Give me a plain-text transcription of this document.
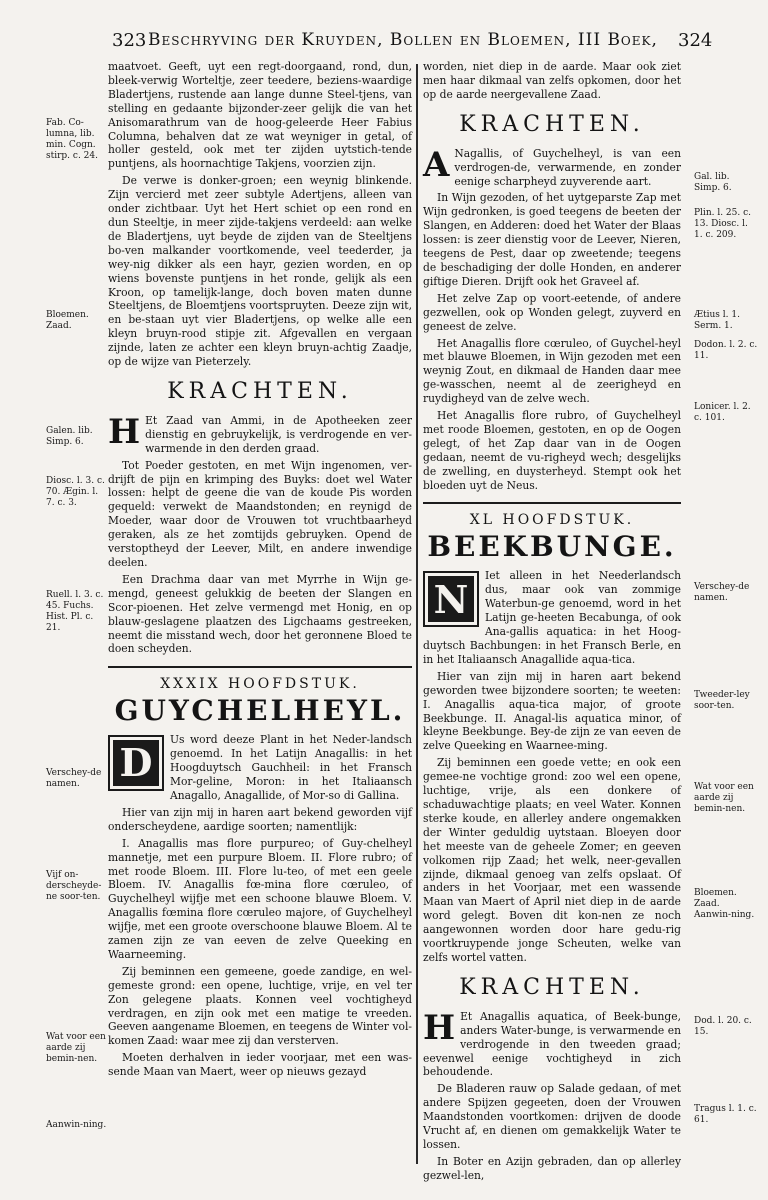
323 Beschryving der Kruyden, Bollen en Bloemen, III Boek, 324

maatvoet. Geeft, uyt een regt-doorgaand, rond, dun, bleek-verwig Worteltje, zeer teedere, beziens-waardige Bladertjens, rustende aan lange dunne Steel-tjens, van stelling en gedaante bijzonder-zeer gelijk die van het Anisomarathrum van de hoog-geleerde Heer Fabius Columna, behalven dat ze wat weyniger in getal, of holler gesteld, ook met ter zijden uytstich-tende puntjens, als hoornachtige Takjens, voorzien zijn.

De verwe is donker-groen; een weynig blinkende. Zijn vercierd met zeer subtyle Adertjens, alleen van onder zichtbaar. Uyt het Hert schiet op een rond en dun Steeltje, in meer zijde-takjens verdeeld: aan welke de Bladertjens, uyt beyde de zijden van de Steeltjens bo-ven malkander voortkomende, veel teederder, ja wey-nig dikker als een hayr, gezien worden, en op wiens bovenste puntjens in het ronde, gelijk als een Kroon, op tamelijk-lange, doch boven maten dunne Steeltjens, de Bloemtjens voortspruyten. Deeze zijn wit, en be-staan uyt vier Bladertjens, op welke alle een kleyn bruyn-rood stipje zit. Afgevallen en vergaan zijnde, laten ze achter een kleyn bruyn-achtig Zaadje, op de wijze van Pieterzely.

KRACHTEN.

H Et Zaad van Ammi, in de Apotheeken zeer dienstig en gebruykelijk, is verdrogende en ver-warmende in den derden graad.

Tot Poeder gestoten, en met Wijn ingenomen, ver-drijft de pijn en krimping des Buyks: doet wel Water lossen: helpt de geene die van de koude Pis worden gequeld: verwekt de Maandstonden; en reynigd de Moeder, waar door de Vrouwen tot vruchtbaarheyd geraken, als ze het zomtijds gebruyken. Opend de verstoptheyd der Leever, Milt, en andere inwendige deelen.

Een Drachma daar van met Myrrhe in Wijn ge-mengd, geneest gelukkig de beeten der Slangen en Scor-pioenen. Het zelve vermengd met Honig, en op blauw-geslagene plaatzen des Ligchaams gestreeken, neemt die misstand wech, door het geronnene Bloed te doen scheyden.

XXXIX HOOFDSTUK.
GUYCHELHEYL.

D
Us word deeze Plant in het Neder-landsch genoemd. In het Latijn Anagallis: in het Hoogduytsch Gauchheil: in het Fransch Mor-geline, Moron: in het Italiaansch Anagallo, Anagallide, of Mor-so di Gallina.

Hier van zijn mij in haren aart bekend geworden vijf onderscheydene, aardige soorten; namentlijk:

I. Anagallis mas flore purpureo; of Guy-chelheyl mannetje, met een purpure Bloem. II. Flore rubro; of met roode Bloem. III. Flore lu-teo, of met een geele Bloem. IV. Anagallis fœ-mina flore cœruleo, of Guychelheyl wijfje met een schoone blauwe Bloem. V. Anagallis fœmina flore cœruleo majore, of Guychelheyl wijfje, met een groote overschoone blauwe Bloem. Al te zamen zijn ze van eeven de zelve Queeking en Waarneeming.

Zij beminnen een gemeene, goede zandige, en wel-gemeste grond: een opene, luchtige, vrije, en vel ter Zon gelegene plaats. Konnen veel vochtigheyd verdragen, en zijn ook met een matige te vreeden. Geeven aangename Bloemen, en teegens de Winter vol-komen Zaad: waar mee zij dan versterven.

Moeten derhalven in ieder voorjaar, met een was-sende Maan van Maert, weer op nieuws gezayd

worden, niet diep in de aarde. Maar ook ziet men haar dikmaal van zelfs opkomen, door het op de aarde neergevallene Zaad.

KRACHTEN.

A Nagallis, of Guychelheyl, is van een verdrogen-de, verwarmende, en zonder eenige scharpheyd zuyverende aart.

In Wijn gezoden, of het uytgeparste Zap met Wijn gedronken, is goed teegens de beeten der Slangen, en Adderen: doed het Water der Blaas lossen: is zeer dienstig voor de Leever, Nieren, teegens de Pest, daar op zweetende; teegens de beschadiging der dolle Honden, en anderer giftige Dieren. Drijft ook het Graveel af.

Het zelve Zap op voort-eetende, of andere gezwellen, ook op Wonden gelegt, zuyverd en geneest de zelve.

Het Anagallis flore cœruleo, of Guychel-heyl met blauwe Bloemen, in Wijn gezoden met een weynig Zout, en dikmaal de Handen daar mee ge-wasschen, neemt al de zeerigheyd en ruydigheyd van de zelve wech.

Het Anagallis flore rubro, of Guychelheyl met roode Bloemen, gestoten, en op de Oogen gelegt, of het Zap daar van in de Oogen gedaan, neemt de vu-righeyd wech; desgelijks de zwelling, en duysterheyd. Stempt ook het bloeden uyt de Neus.

XL HOOFDSTUK.
BEEKBUNGE.

N
Iet alleen in het Neederlandsch dus, maar ook van zommige Waterbun-ge genoemd, word in het Latijn ge-heeten Becabunga, of ook Ana-gallis aquatica: in het Hoog-duytsch Bachbungen: in het Fransch Berle, en in het Italiaansch Anagallide aqua-tica.

Hier van zijn mij in haren aart bekend geworden twee bijzondere soorten; te weeten: I. Anagallis aqua-tica major, of groote Beekbunge. II. Anagal-lis aquatica minor, of kleyne Beekbunge. Bey-de zijn ze van eeven de zelve Queeking en Waarnee-ming.

Zij beminnen een goede vette; en ook een gemee-ne vochtige grond: zoo wel een opene, luchtige, vrije, als een donkere of schaduwachtige plaats; en veel Water. Konnen sterke koude, en allerley andere ongemakken der Winter geduldig uytstaan. Bloeyen door het meeste van de geheele Zomer; en geeven volkomen rijp Zaad; het welk, neer-gevallen zijnde, dikmaal genoeg van zelfs opslaat. Of anders in het Voorjaar, met een wassende Maan van Maert of April niet diep in de aarde word gelegt. Boven dit kon-nen ze noch aangewonnen worden door hare gedu-rig voortkruypende jonge Scheuten, welke van zelfs wortel vatten.

KRACHTEN.

H Et Anagallis aquatica, of Beek-bunge, anders Water-bunge, is verwarmende en verdrogende in den tweeden graad; eevenwel eenige vochtigheyd in zich behoudende.

De Bladeren rauw op Salade gedaan, of met andere Spijzen gegeeten, doen der Vrouwen Maandstonden voortkomen: drijven de doode Vrucht af, en dienen om gemakkelijk Water te lossen.

In Boter en Azijn gebraden, dan op allerley gezwel-len,

Fab. Co-lumna, lib. min. Cogn. stirp. c. 24.
Bloemen. Zaad.
Galen. lib. Simp. 6.
Diosc. l. 3. c. 70. Ægin. l. 7. c. 3.
Ruell. l. 3. c. 45. Fuchs. Hist. Pl. c. 21.
Verschey-de namen.
Vijf on-derscheyde-ne soor-ten.
Wat voor een aarde zij bemin-nen.
Aanwin-ning.
Gal. lib. Simp. 6.
Plin. l. 25. c. 13. Diosc. l. 1. c. 209.
Ætius l. 1. Serm. 1.
Dodon. l. 2. c. 11.
Lonicer. l. 2. c. 101.
Verschey-de namen.
Tweeder-ley soor-ten.
Wat voor een aarde zij bemin-nen.
Bloemen. Zaad. Aanwin-ning.
Dod. l. 20. c. 15.
Tragus l. 1. c. 61.
